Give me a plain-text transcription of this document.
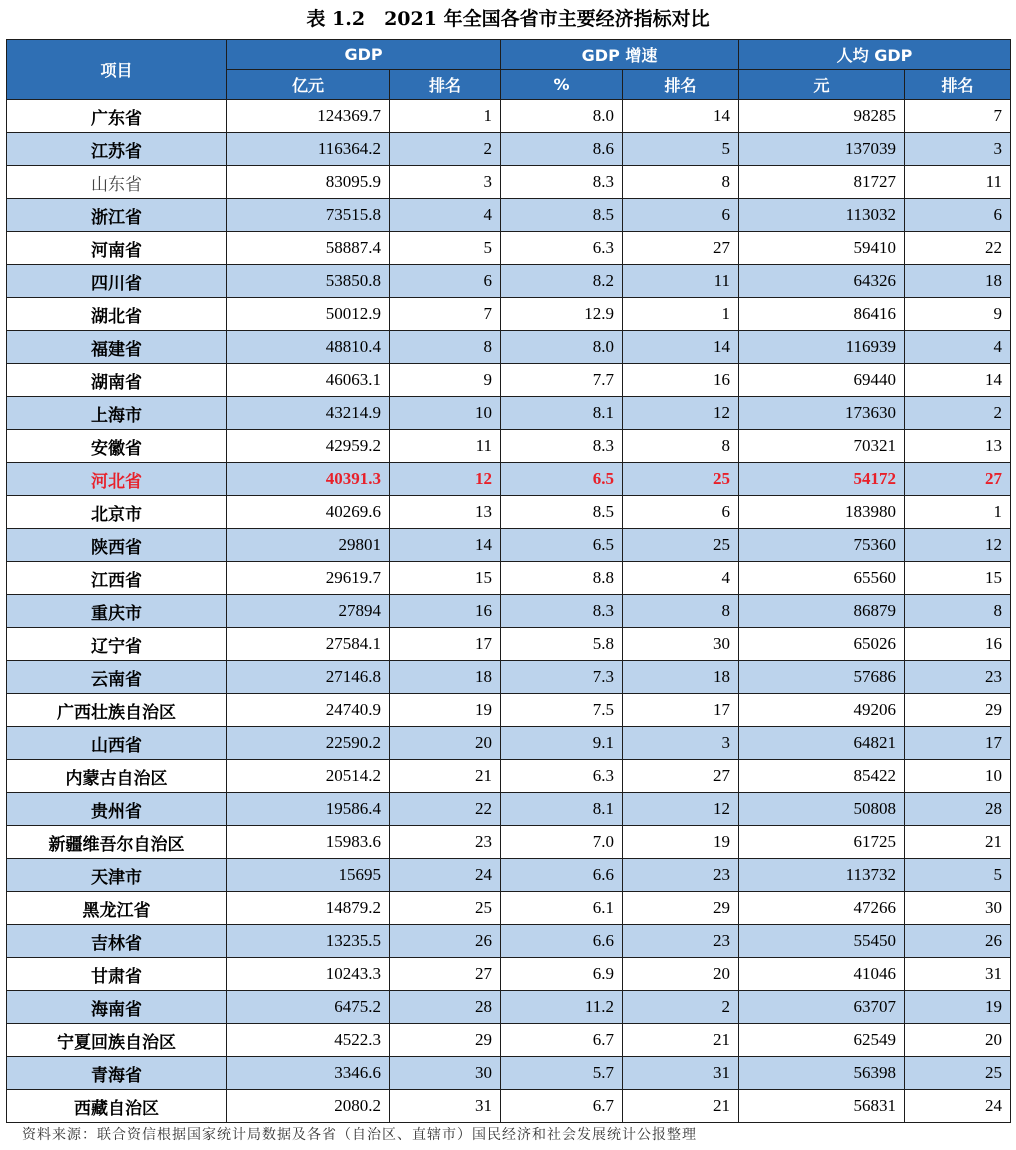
表 1.2　2021 年全国各省市主要经济指标对比
项目	GDP		GDP 增速		人均 GDP	
	亿元	排名	%	排名	元	排名
广东省	124369.7	1	8.0	14	98285	7
江苏省	116364.2	2	8.6	5	137039	3
山东省	83095.9	3	8.3	8	81727	11
浙江省	73515.8	4	8.5	6	113032	6
河南省	58887.4	5	6.3	27	59410	22
四川省	53850.8	6	8.2	11	64326	18
湖北省	50012.9	7	12.9	1	86416	9
福建省	48810.4	8	8.0	14	116939	4
湖南省	46063.1	9	7.7	16	69440	14
上海市	43214.9	10	8.1	12	173630	2
安徽省	42959.2	11	8.3	8	70321	13
河北省	40391.3	12	6.5	25	54172	27
北京市	40269.6	13	8.5	6	183980	1
陕西省	29801	14	6.5	25	75360	12
江西省	29619.7	15	8.8	4	65560	15
重庆市	27894	16	8.3	8	86879	8
辽宁省	27584.1	17	5.8	30	65026	16
云南省	27146.8	18	7.3	18	57686	23
广西壮族自治区	24740.9	19	7.5	17	49206	29
山西省	22590.2	20	9.1	3	64821	17
内蒙古自治区	20514.2	21	6.3	27	85422	10
贵州省	19586.4	22	8.1	12	50808	28
新疆维吾尔自治区	15983.6	23	7.0	19	61725	21
天津市	15695	24	6.6	23	113732	5
黑龙江省	14879.2	25	6.1	29	47266	30
吉林省	13235.5	26	6.6	23	55450	26
甘肃省	10243.3	27	6.9	20	41046	31
海南省	6475.2	28	11.2	2	63707	19
宁夏回族自治区	4522.3	29	6.7	21	62549	20
青海省	3346.6	30	5.7	31	56398	25
西藏自治区	2080.2	31	6.7	21	56831	24
资料来源：联合资信根据国家统计局数据及各省（自治区、直辖市）国民经济和社会发展统计公报整理
